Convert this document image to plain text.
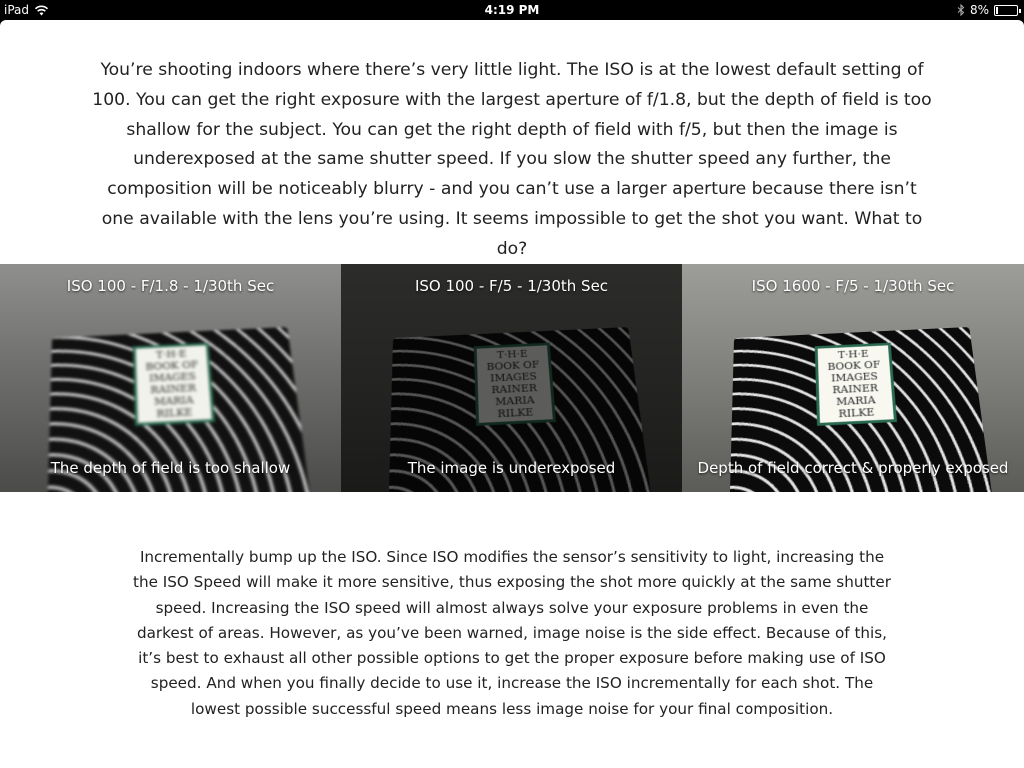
iPad	4:19 PM	8%

You’re shooting indoors where there’s very little light. The ISO is at the lowest default setting of 100. You can get the right exposure with the largest aperture of f/1.8, but the depth of field is too shallow for the subject. You can get the right depth of field with f/5, but then the image is underexposed at the same shutter speed. If you slow the shutter speed any further, the composition will be noticeably blurry - and you can’t use a larger aperture because there isn’t one available with the lens you’re using. It seems impossible to get the shot you want. What to do?

T·H·E
BOOK OF
IMAGES
RAINER
MARIA
RILKE
ISO 100 - F/1.8 - 1/30th Sec
The depth of field is too shallow
T·H·E
BOOK OF
IMAGES
RAINER
MARIA
RILKE
ISO 100 - F/5 - 1/30th Sec
The image is underexposed
T·H·E
BOOK OF
IMAGES
RAINER
MARIA
RILKE
ISO 1600 - F/5 - 1/30th Sec
Depth of field correct & properly exposed

Incrementally bump up the ISO. Since ISO modifies the sensor’s sensitivity to light, increasing the the ISO Speed will make it more sensitive, thus exposing the shot more quickly at the same shutter speed. Increasing the ISO speed will almost always solve your exposure problems in even the darkest of areas. However, as you’ve been warned, image noise is the side effect. Because of this, it’s best to exhaust all other possible options to get the proper exposure before making use of ISO speed. And when you finally decide to use it, increase the ISO incrementally for each shot. The lowest possible successful speed means less image noise for your final composition.
